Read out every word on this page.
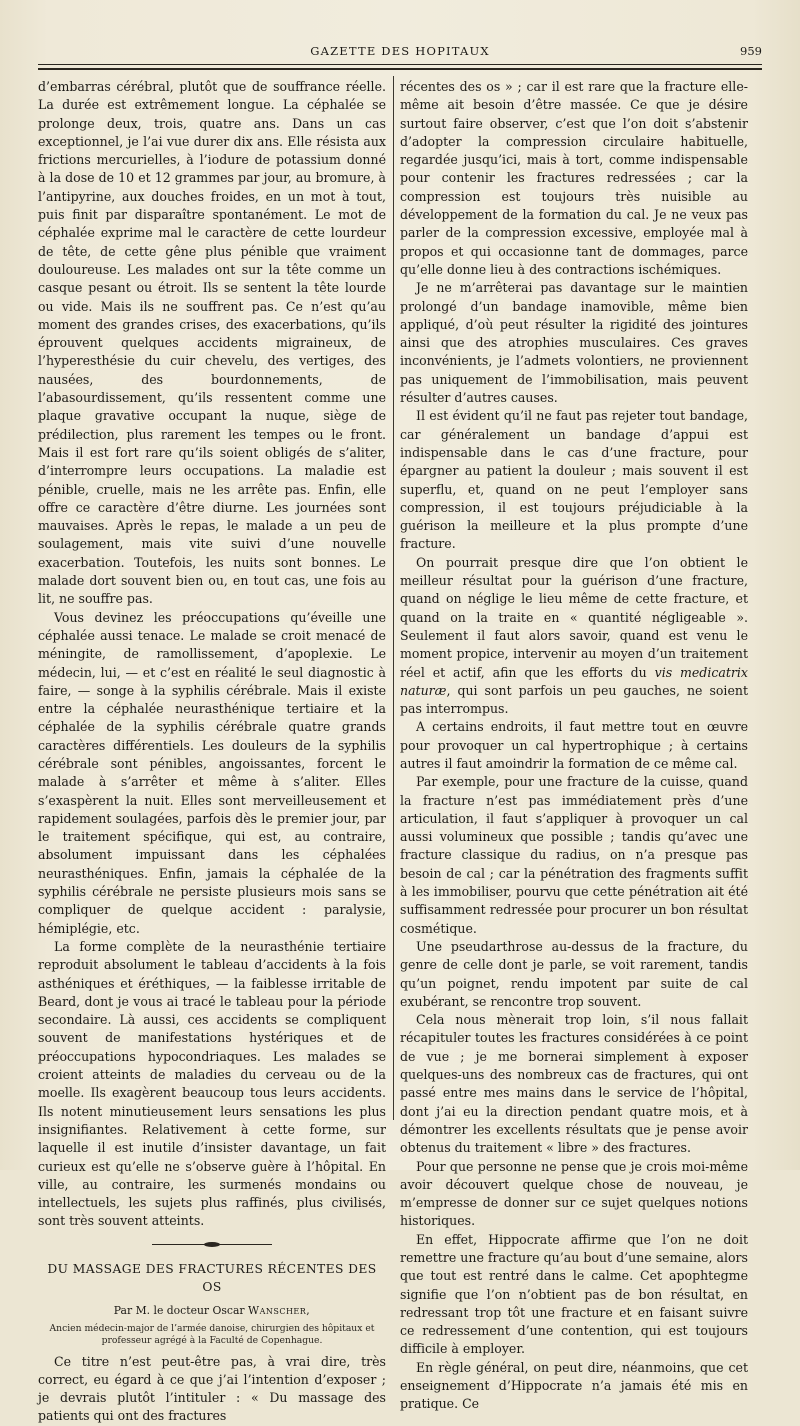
GAZETTE DES HOPITAUX	959

d’embarras cérébral, plutôt que de souffrance réelle. La durée est extrêmement longue. La céphalée se prolonge deux, trois, quatre ans. Dans un cas exceptionnel, je l’ai vue durer dix ans. Elle résista aux frictions mercurielles, à l’iodure de potassium donné à la dose de 10 et 12 grammes par jour, au bromure, à l’antipyrine, aux douches froides, en un mot à tout, puis finit par disparaître spontanément. Le mot de céphalée exprime mal le caractère de cette lourdeur de tête, de cette gêne plus pénible que vraiment douloureuse. Les malades ont sur la tête comme un casque pesant ou étroit. Ils se sentent la tête lourde ou vide. Mais ils ne souffrent pas. Ce n’est qu’au moment des grandes crises, des exacerbations, qu’ils éprouvent quelques accidents migraineux, de l’hyperesthésie du cuir chevelu, des vertiges, des nausées, des bourdonnements, de l’abasourdissement, qu’ils ressentent comme une plaque gravative occupant la nuque, siège de prédilection, plus rarement les tempes ou le front. Mais il est fort rare qu’ils soient obligés de s’aliter, d’interrompre leurs occupations. La maladie est pénible, cruelle, mais ne les arrête pas. Enfin, elle offre ce caractère d’être diurne. Les journées sont mauvaises. Après le repas, le malade a un peu de soulagement, mais vite suivi d’une nouvelle exacerbation. Toutefois, les nuits sont bonnes. Le malade dort souvent bien ou, en tout cas, une fois au lit, ne souffre pas.

Vous devinez les préoccupations qu’éveille une céphalée aussi tenace. Le malade se croit menacé de méningite, de ramollissement, d’apoplexie. Le médecin, lui, — et c’est en réalité le seul diagnostic à faire, — songe à la syphilis cérébrale. Mais il existe entre la céphalée neurasthénique tertiaire et la céphalée de la syphilis cérébrale quatre grands caractères différentiels. Les douleurs de la syphilis cérébrale sont pénibles, angoissantes, forcent le malade à s’arrêter et même à s’aliter. Elles s’exaspèrent la nuit. Elles sont merveilleusement et rapidement soulagées, parfois dès le premier jour, par le traitement spécifique, qui est, au contraire, absolument impuissant dans les céphalées neurasthéniques. Enfin, jamais la céphalée de la syphilis cérébrale ne persiste plusieurs mois sans se compliquer de quelque accident : paralysie, hémiplégie, etc.

La forme complète de la neurasthénie tertiaire reproduit absolument le tableau d’accidents à la fois asthéniques et éréthiques, — la faiblesse irritable de Beard, dont je vous ai tracé le tableau pour la période secondaire. Là aussi, ces accidents se compliquent souvent de manifestations hystériques et de préoccupations hypocondriaques. Les malades se croient atteints de maladies du cerveau ou de la moelle. Ils exagèrent beaucoup tous leurs accidents. Ils notent minutieusement leurs sensations les plus insignifiantes. Relativement à cette forme, sur laquelle il est inutile d’insister davantage, un fait curieux est qu’elle ne s’observe guère à l’hôpital. En ville, au contraire, les surmenés mondains ou intellectuels, les sujets plus raffinés, plus civilisés, sont très souvent atteints.

DU MASSAGE DES FRACTURES RÉCENTES DES OS
Par M. le docteur Oscar Wanscher,
Ancien médecin-major de l’armée danoise, chirurgien des hôpitaux et professeur agrégé à la Faculté de Copenhague.

Ce titre n’est peut-être pas, à vrai dire, très correct, eu égard à ce que j’ai l’intention d’exposer ; je devrais plutôt l’intituler : « Du massage des patients qui ont des fractures

récentes des os » ; car il est rare que la fracture elle-même ait besoin d’être massée. Ce que je désire surtout faire observer, c’est que l’on doit s’abstenir d’adopter la compression circulaire habituelle, regardée jusqu’ici, mais à tort, comme indispensable pour contenir les fractures redressées ; car la compression est toujours très nuisible au développement de la formation du cal. Je ne veux pas parler de la compression excessive, employée mal à propos et qui occasionne tant de dommages, parce qu’elle donne lieu à des contractions ischémiques.

Je ne m’arrêterai pas davantage sur le maintien prolongé d’un bandage inamovible, même bien appliqué, d’où peut résulter la rigidité des jointures ainsi que des atrophies musculaires. Ces graves inconvénients, je l’admets volontiers, ne proviennent pas uniquement de l’immobilisation, mais peuvent résulter d’autres causes.

Il est évident qu’il ne faut pas rejeter tout bandage, car généralement un bandage d’appui est indispensable dans le cas d’une fracture, pour épargner au patient la douleur ; mais souvent il est superflu, et, quand on ne peut l’employer sans compression, il est toujours préjudiciable à la guérison la meilleure et la plus prompte d’une fracture.

On pourrait presque dire que l’on obtient le meilleur résultat pour la guérison d’une fracture, quand on néglige le lieu même de cette fracture, et quand on la traite en « quantité négligeable ». Seulement il faut alors savoir, quand est venu le moment propice, intervenir au moyen d’un traitement réel et actif, afin que les efforts du vis medicatrix naturæ, qui sont parfois un peu gauches, ne soient pas interrompus.

A certains endroits, il faut mettre tout en œuvre pour provoquer un cal hypertrophique ; à certains autres il faut amoindrir la formation de ce même cal.

Par exemple, pour une fracture de la cuisse, quand la fracture n’est pas immédiatement près d’une articulation, il faut s’appliquer à provoquer un cal aussi volumineux que possible ; tandis qu’avec une fracture classique du radius, on n’a presque pas besoin de cal ; car la pénétration des fragments suffit à les immobiliser, pourvu que cette pénétration ait été suffisamment redressée pour procurer un bon résultat cosmétique.

Une pseudarthrose au-dessus de la fracture, du genre de celle dont je parle, se voit rarement, tandis qu’un poignet, rendu impotent par suite de cal exubérant, se rencontre trop souvent.

Cela nous mènerait trop loin, s’il nous fallait récapituler toutes les fractures considérées à ce point de vue ; je me bornerai simplement à exposer quelques-uns des nombreux cas de fractures, qui ont passé entre mes mains dans le service de l’hôpital, dont j’ai eu la direction pendant quatre mois, et à démontrer les excellents résultats que je pense avoir obtenus du traitement « libre » des fractures.

Pour que personne ne pense que je crois moi-même avoir découvert quelque chose de nouveau, je m’empresse de donner sur ce sujet quelques notions historiques.

En effet, Hippocrate affirme que l’on ne doit remettre une fracture qu’au bout d’une semaine, alors que tout est rentré dans le calme. Cet apophtegme signifie que l’on n’obtient pas de bon résultat, en redressant trop tôt une fracture et en faisant suivre ce redressement d’une contention, qui est toujours difficile à employer.

En règle général, on peut dire, néanmoins, que cet enseignement d’Hippocrate n’a jamais été mis en pratique. Ce
